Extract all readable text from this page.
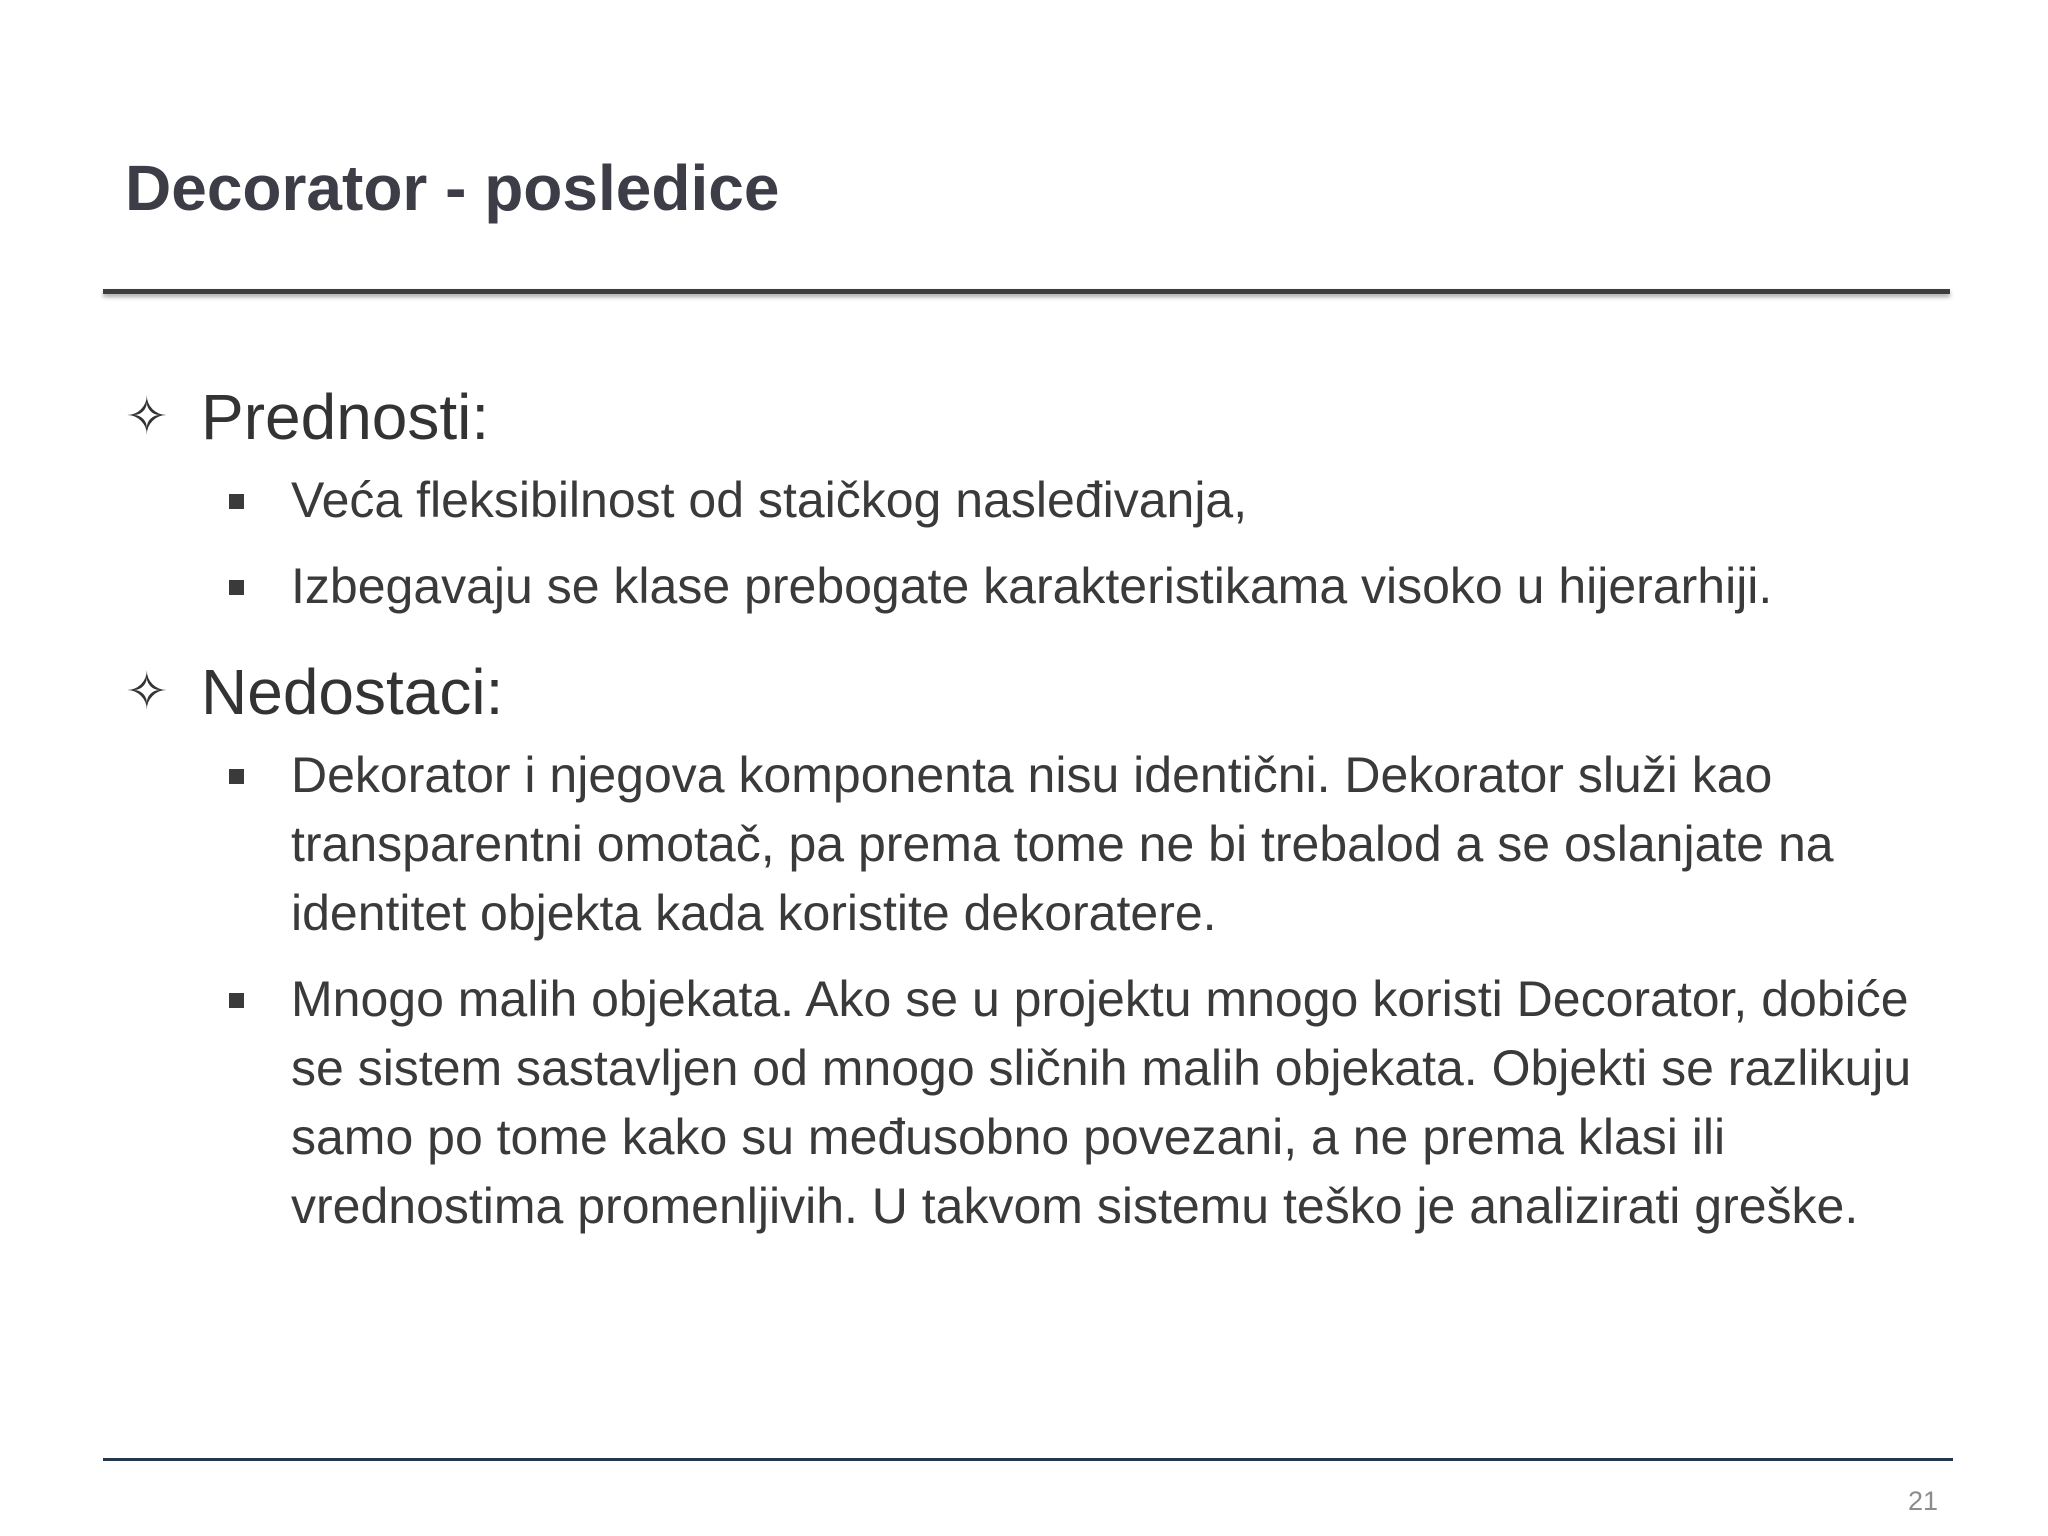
Decorator - posledice
✧ Prednosti:
Veća fleksibilnost od staičkog nasleđivanja,
Izbegavaju se klase prebogate karakteristikama visoko u hijerarhiji.
✧ Nedostaci:
Dekorator i njegova komponenta nisu identični. Dekorator služi kao transparentni omotač, pa prema tome ne bi trebalod a se oslanjate na identitet objekta kada koristite dekoratere.
Mnogo malih objekata. Ako se u projektu mnogo koristi Decorator, dobiće se sistem sastavljen od mnogo sličnih malih objekata. Objekti se razlikuju samo po tome kako su međusobno povezani, a ne prema klasi ili vrednostima promenljivih. U takvom sistemu teško je analizirati greške.
21
